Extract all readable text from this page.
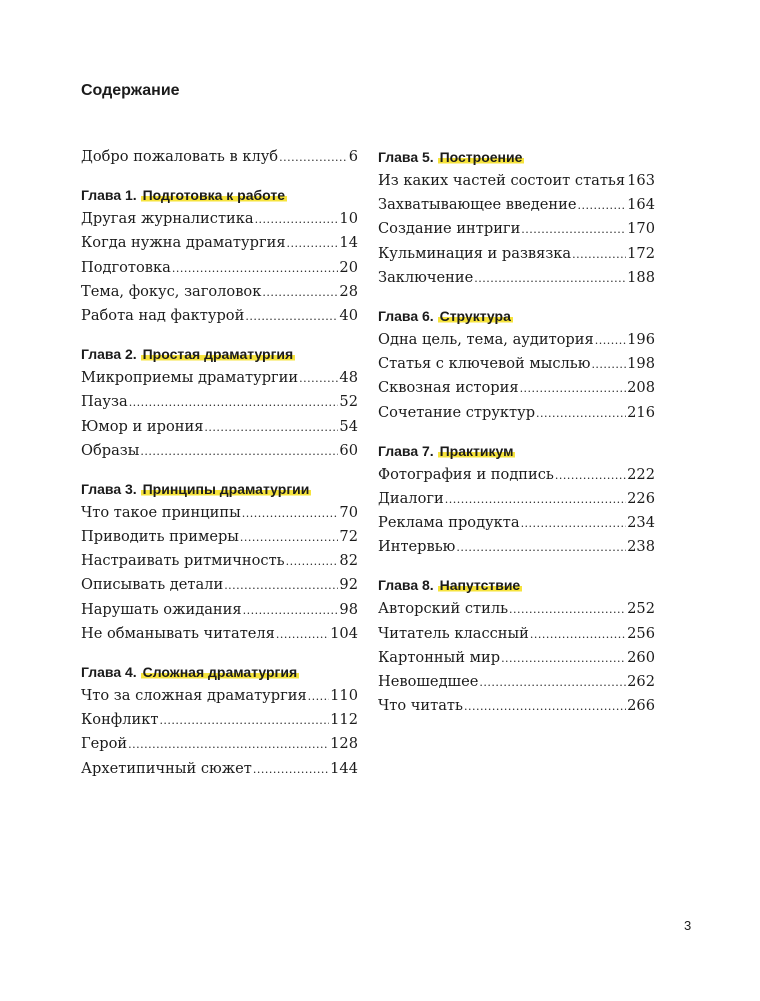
Содержание
Добро пожаловать в клуб .....	6
Глава 1. Подготовка к работе
Другая журналистика .....	10
Когда нужна драматургия .....	14
Подготовка .....	20
Тема, фокус, заголовок .....	28
Работа над фактурой .....	40
Глава 2. Простая драматургия
Микроприемы драматургии .....	48
Пауза .....	52
Юмор и ирония .....	54
Образы .....	60
Глава 3. Принципы драматургии
Что такое принципы .....	70
Приводить примеры .....	72
Настраивать ритмичность .....	82
Описывать детали .....	92
Нарушать ожидания .....	98
Не обманывать читателя .....	104
Глава 4. Сложная драматургия
Что за сложная драматургия ..... 110
Конфликт .....	112
Герой .....	128
Архетипичный сюжет .....	144
Глава 5. Построение
Из каких частей состоит статья ..... 163
Захватывающее введение .....	164
Создание интриги .....	170
Кульминация и развязка .....	172
Заключение .....	188
Глава 6. Структура
Одна цель, тема, аудитория ..... 196
Статья с ключевой мыслью .....	198
Сквозная история .....	208
Сочетание структур .....	216
Глава 7. Практикум
Фотография и подпись .....	222
Диалоги .....	226
Реклама продукта .....	234
Интервью .....	238
Глава 8. Напутствие
Авторский стиль .....	252
Читатель классный .....	256
Картонный мир .....	260
Невошедшее .....	262
Что читать .....	266
3
